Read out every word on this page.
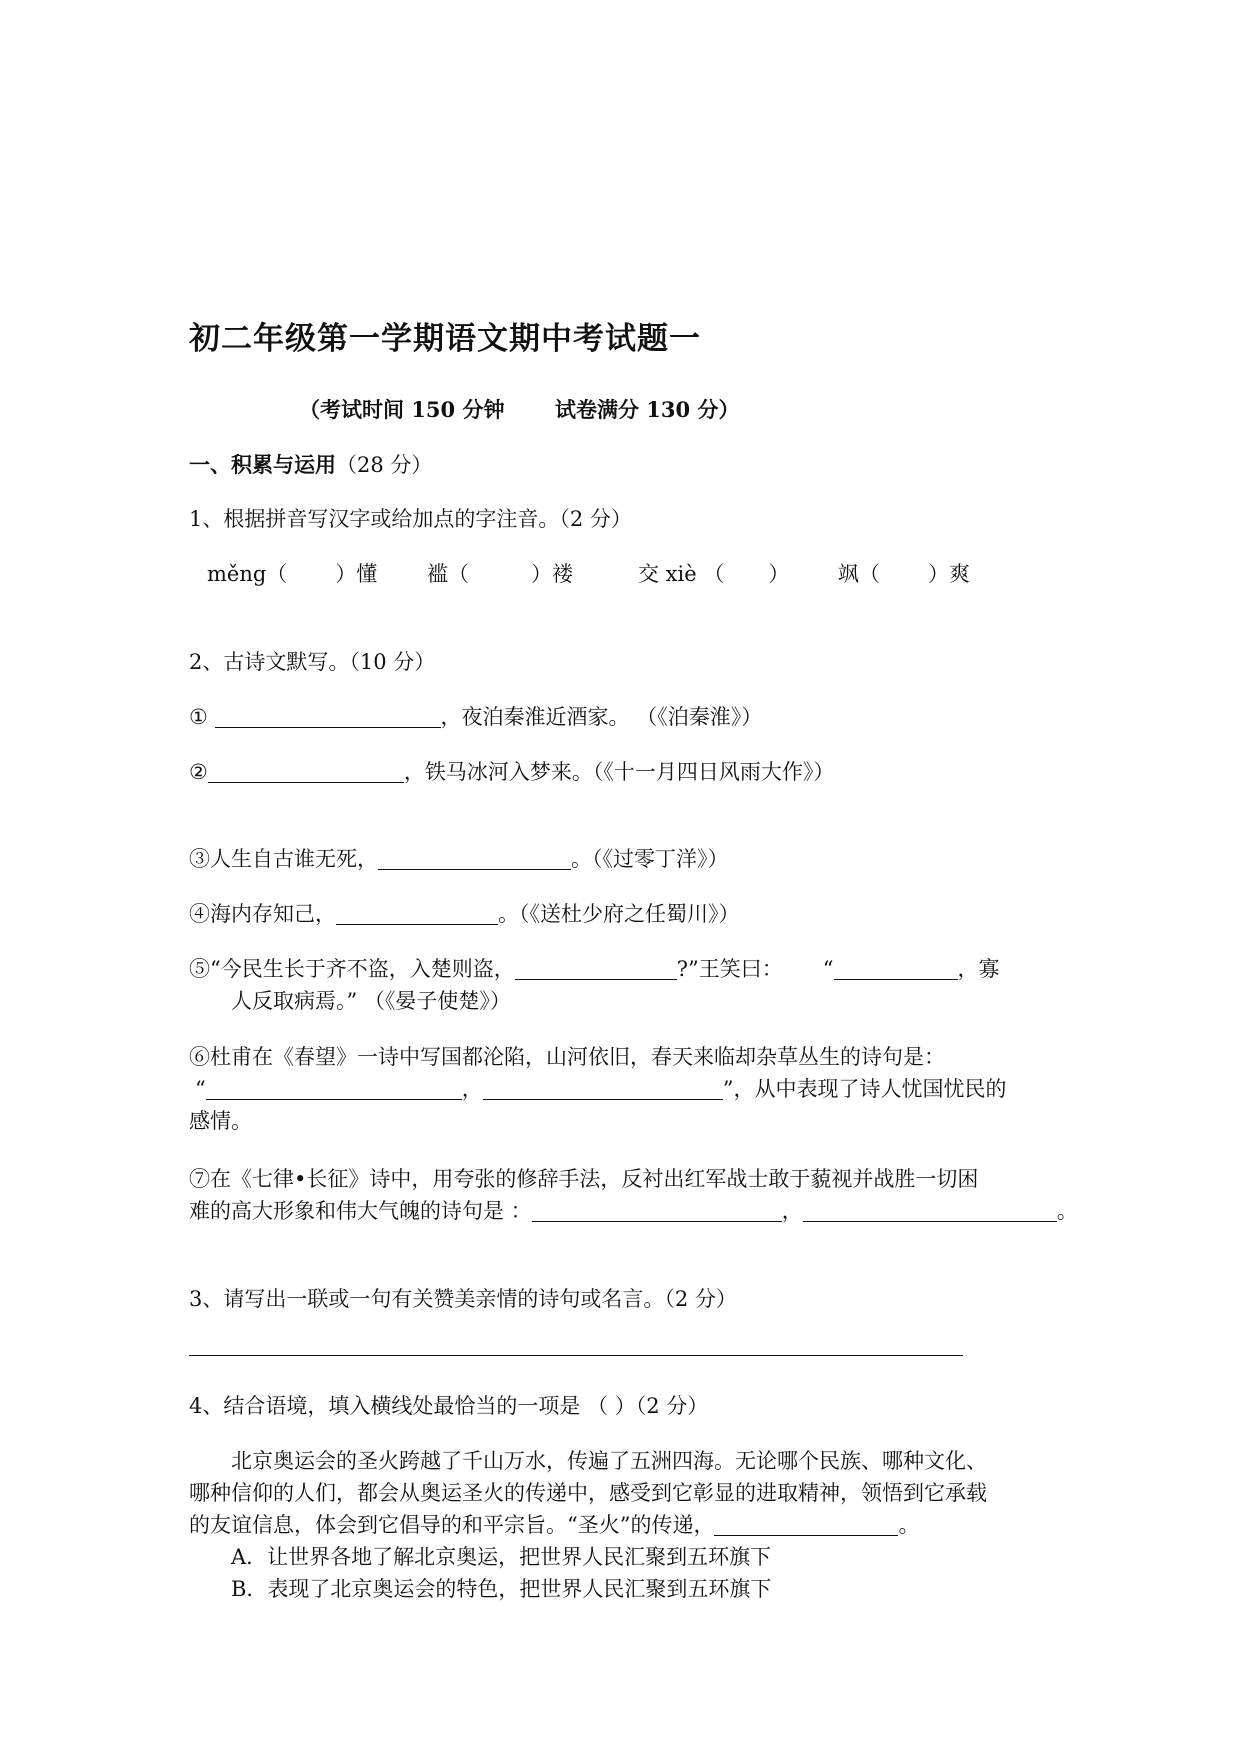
初二年级第一学期语文期中考试题一
（考试时间 150 分钟 试卷满分 130 分）
一、积累与运用（28 分）
1、根据拼音写汉字或给加点的字注音。（2 分）
měng（ ）懂 褴（	）褛	交 xiè （ ） 飒（ ）爽
2、古诗文默写。（10 分）
①	，夜泊秦淮近酒家。 （《泊秦淮》）
②	，铁马冰河入梦来。（《十一月四日风雨大作》）
③人生自古谁无死，	。（《过零丁洋》）
④海内存知己，	。（《送杜少府之任蜀川》）
⑤“今民生长于齐不盗，入楚则盗，	?”王笑曰： “	，寡
人反取病焉。” （《晏子使楚》）
⑥杜甫在《春望》一诗中写国都沦陷，山河依旧，春天来临却杂草丛生的诗句是：
“	，	”，从中表现了诗人忧国忧民的
感情。
⑦在《七律•长征》诗中，用夸张的修辞手法，反衬出红军战士敢于藐视并战胜一切困
难的高大形象和伟大气魄的诗句是 ：	，	。
3、请写出一联或一句有关赞美亲情的诗句或名言。（2 分）
4、结合语境，填入横线处最恰当的一项是 （ ）（2 分）
北京奥运会的圣火跨越了千山万水，传遍了五洲四海。无论哪个民族、哪种文化、
哪种信仰的人们，都会从奥运圣火的传递中，感受到它彰显的进取精神，领悟到它承载
的友谊信息，体会到它倡导的和平宗旨。“圣火”的传递，	。
A．让世界各地了解北京奥运，把世界人民汇聚到五环旗下
B．表现了北京奥运会的特色，把世界人民汇聚到五环旗下
